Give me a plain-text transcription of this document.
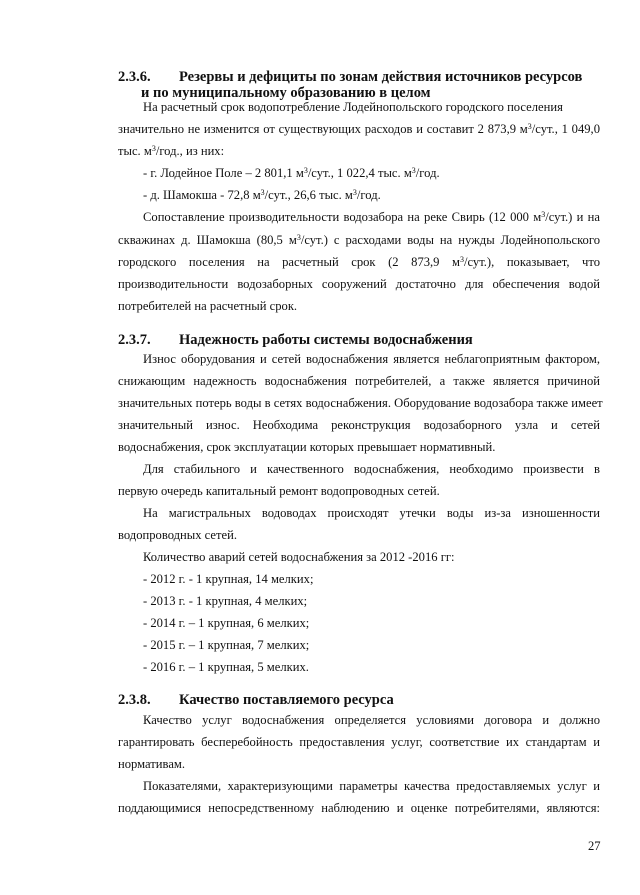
2.3.6. Резервы и дефициты по зонам действия источников ресурсов
и по муниципальному образованию в целом
На расчетный срок водопотребление Лодейнопольского городского поселения
значительно не изменится от существующих расходов и составит 2 873,9 $м^3$/сут., 1 049,0
тыс. $м^3$/год., из них:
- г. Лодейное Поле – 2 801,1 $м^3$/сут., 1 022,4 тыс. $м^3$/год.
- д. Шамокша - 72,8 $м^3$/сут., 26,6 тыс. $м^3$/год.
Сопоставление производительности водозабора на реке Свирь (12 000 $м^3/сут$.) и на
скважинах д. Шамокша (80,5 $м^3/сут$.) с расходами воды на нужды Лодейнопольского
городского поселения на расчетный срок (2 873,9 $м^3/сут$.), показывает, что
производительности водозаборных сооружений достаточно для обеспечения водой
потребителей на расчетный срок.
2.3.7. Надежность работы системы водоснабжения
Износ оборудования и сетей водоснабжения является неблагоприятным фактором,
снижающим надежность водоснабжения потребителей, а также является причиной
значительных потерь воды в сетях водоснабжения. Оборудование водозабора также имеет
значительный износ. Необходима реконструкция водозаборного узла и сетей
водоснабжения, срок эксплуатации которых превышает нормативный.
Для стабильного и качественного водоснабжения, необходимо произвести в
первую очередь капитальный ремонт водопроводных сетей.
На магистральных водоводах происходят утечки воды из-за изношенности
водопроводных сетей.
Количество аварий сетей водоснабжения за 2012 -2016 гг:
- 2012 г. - 1 крупная, 14 мелких;
- 2013 г. - 1 крупная, 4 мелких;
- 2014 г. – 1 крупная, 6 мелких;
- 2015 г. – 1 крупная, 7 мелких;
- 2016 г. – 1 крупная, 5 мелких.
2.3.8. Качество поставляемого ресурса
Качество услуг водоснабжения определяется условиями договора и должно
гарантировать бесперебойность предоставления услуг, соответствие их стандартам и
нормативам.
Показателями, характеризующими параметры качества предоставляемых услуг и
поддающимися непосредственному наблюдению и оценке потребителями, являются:
27
